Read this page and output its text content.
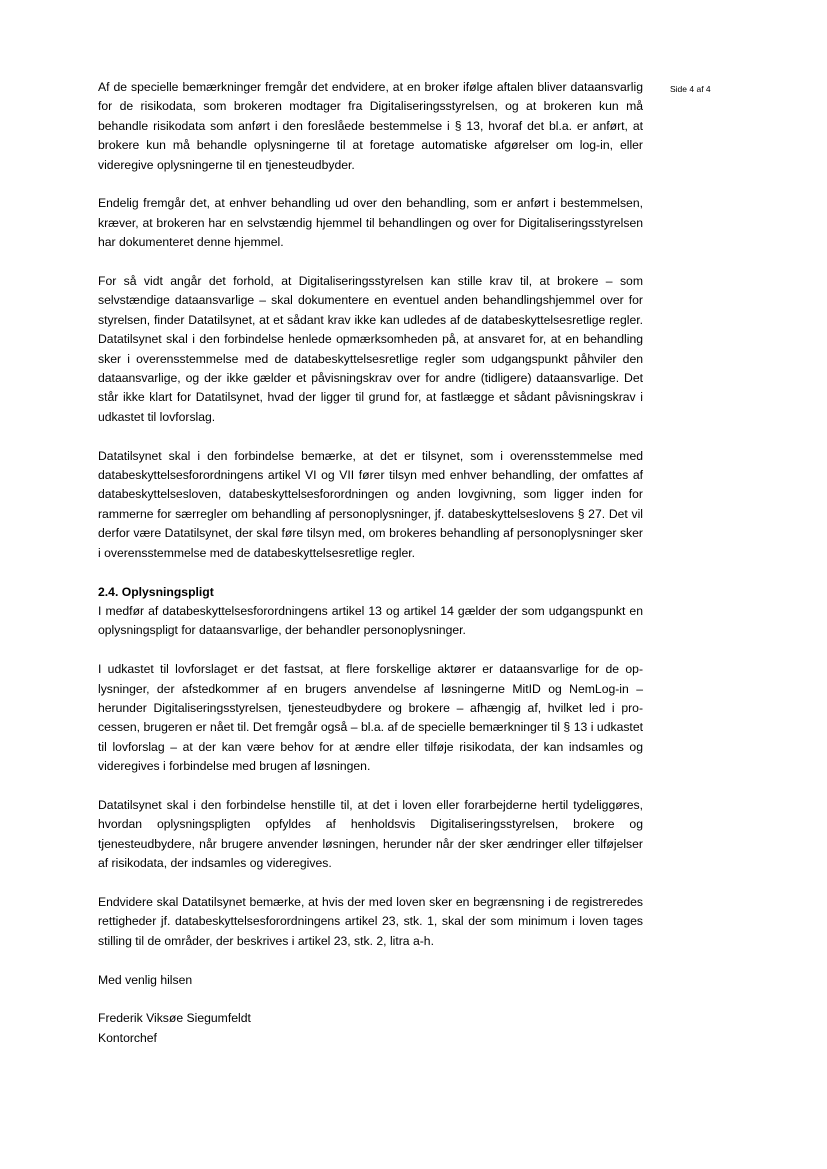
Side 4 af 4

Af de specielle bemærkninger fremgår det endvidere, at en broker ifølge aftalen bliver dataansvarlig for de risikodata, som brokeren modtager fra Digitaliseringsstyrelsen, og at brokeren kun må behandle risikodata som anført i den foreslåede bestemmelse i § 13, hvoraf det bl.a. er anført, at brokere kun må behandle oplysningerne til at foretage automatiske afgørelser om log-in, eller videregive oplysningerne til en tjenesteudbyder.

Endelig fremgår det, at enhver behandling ud over den behandling, som er anført i bestemmelsen, kræver, at brokeren har en selvstændig hjemmel til behandlingen og over for Digitaliseringsstyrelsen har dokumenteret denne hjemmel.

For så vidt angår det forhold, at Digitaliseringsstyrelsen kan stille krav til, at brokere – som selvstændige dataansvarlige – skal dokumentere en eventuel anden behandlingshjemmel over for styrelsen, finder Datatilsynet, at et sådant krav ikke kan udledes af de databeskyttelsesretlige regler. Datatilsynet skal i den forbindelse henlede opmærksomheden på, at ansvaret for, at en behandling sker i overensstemmelse med de databeskyttelsesretlige regler som udgangspunkt påhviler den dataansvarlige, og der ikke gælder et påvisningskrav over for andre (tidligere) dataansvarlige. Det står ikke klart for Datatilsynet, hvad der ligger til grund for, at fastlægge et sådant påvisningskrav i udkastet til lovforslag.

Datatilsynet skal i den forbindelse bemærke, at det er tilsynet, som i overensstemmelse med databeskyttelsesforordningens artikel VI og VII fører tilsyn med enhver behandling, der omfattes af databeskyttelsesloven, databeskyttelsesforordningen og anden lovgivning, som ligger inden for rammerne for særregler om behandling af personoplysninger, jf. databeskyttelseslovens § 27. Det vil derfor være Datatilsynet, der skal føre tilsyn med, om brokeres behandling af personoplysninger sker i overensstemmelse med de databeskyttelsesretlige regler.

2.4. Oplysningspligt

I medfør af databeskyttelsesforordningens artikel 13 og artikel 14 gælder der som udgangspunkt en oplysningspligt for dataansvarlige, der behandler personoplysninger.

I udkastet til lovforslaget er det fastsat, at flere forskellige aktører er dataansvarlige for de oplysninger, der afstedkommer af en brugers anvendelse af løsningerne MitID og NemLog-in – herunder Digitaliseringsstyrelsen, tjenesteudbydere og brokere – afhængig af, hvilket led i processen, brugeren er nået til. Det fremgår også – bl.a. af de specielle bemærkninger til § 13 i udkastet til lovforslag – at der kan være behov for at ændre eller tilføje risikodata, der kan indsamles og videregives i forbindelse med brugen af løsningen.

Datatilsynet skal i den forbindelse henstille til, at det i loven eller forarbejderne hertil tydeliggøres, hvordan oplysningspligten opfyldes af henholdsvis Digitaliseringsstyrelsen, brokere og tjenesteudbydere, når brugere anvender løsningen, herunder når der sker ændringer eller tilføjelser af risikodata, der indsamles og videregives.

Endvidere skal Datatilsynet bemærke, at hvis der med loven sker en begrænsning i de registreredes rettigheder jf. databeskyttelsesforordningens artikel 23, stk. 1, skal der som minimum i loven tages stilling til de områder, der beskrives i artikel 23, stk. 2, litra a-h.

Med venlig hilsen

Frederik Viksøe Siegumfeldt
Kontorchef
